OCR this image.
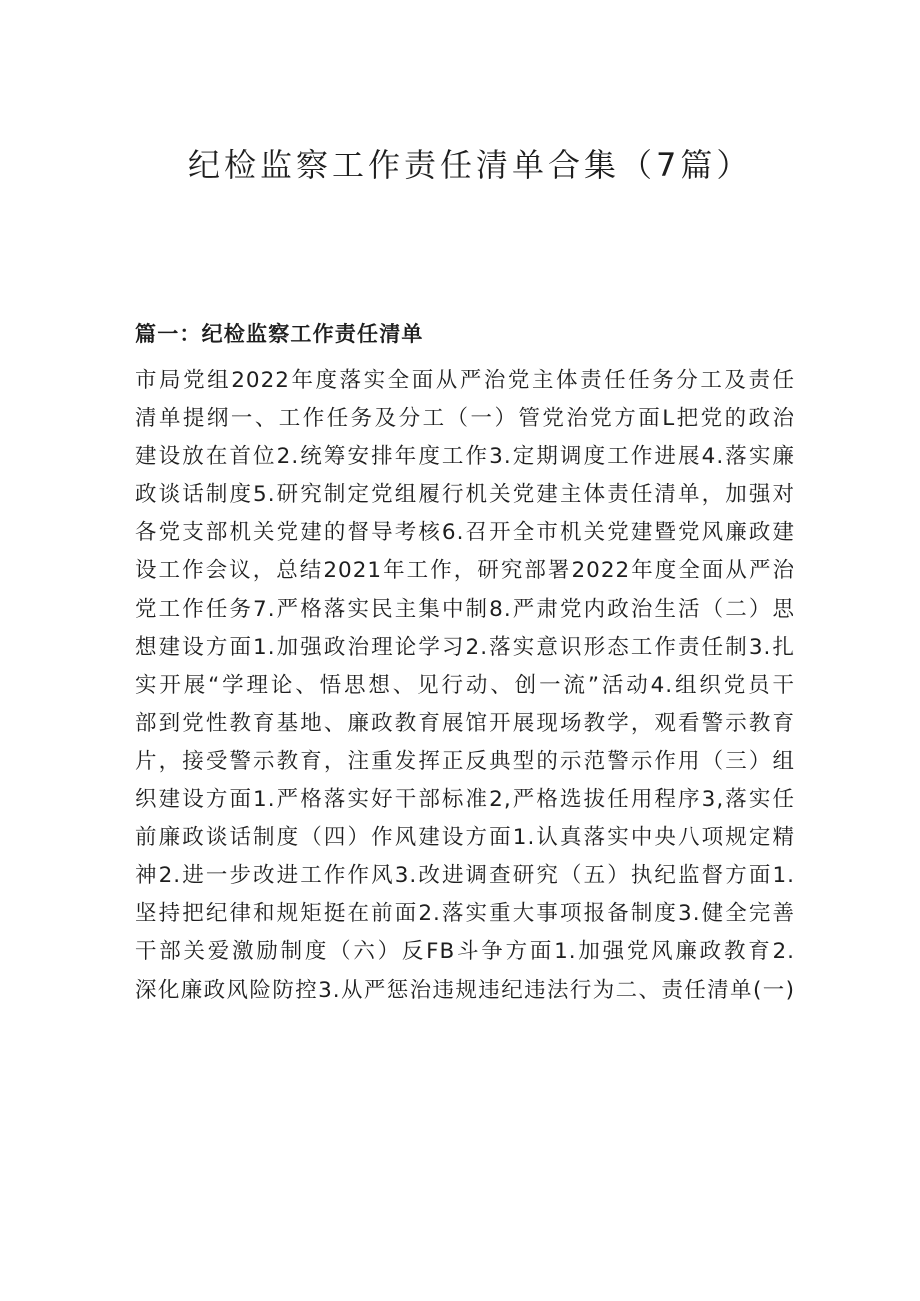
纪检监察工作责任清单合集（7篇）
篇一：纪检监察工作责任清单
市局党组2022年度落实全面从严治党主体责任任务分工及责任
清单提纲一、工作任务及分工（一）管党治党方面L把党的政治
建设放在首位2.统筹安排年度工作3.定期调度工作进展4.落实廉
政谈话制度5.研究制定党组履行机关党建主体责任清单，加强对
各党支部机关党建的督导考核6.召开全市机关党建暨党风廉政建
设工作会议，总结2021年工作，研究部署2022年度全面从严治
党工作任务7.严格落实民主集中制8.严肃党内政治生活（二）思
想建设方面1.加强政治理论学习2.落实意识形态工作责任制3.扎
实开展“学理论、悟思想、见行动、创一流”活动4.组织党员干
部到党性教育基地、廉政教育展馆开展现场教学，观看警示教育
片，接受警示教育，注重发挥正反典型的示范警示作用（三）组
织建设方面1.严格落实好干部标准2,严格选拔任用程序3,落实任
前廉政谈话制度（四）作风建设方面1.认真落实中央八项规定精
神2.进一步改进工作作风3.改进调查研究（五）执纪监督方面1.
坚持把纪律和规矩挺在前面2.落实重大事项报备制度3.健全完善
干部关爱激励制度（六）反FB斗争方面1.加强党风廉政教育2.
深化廉政风险防控3.从严惩治违规违纪违法行为二、责任清单(一)
